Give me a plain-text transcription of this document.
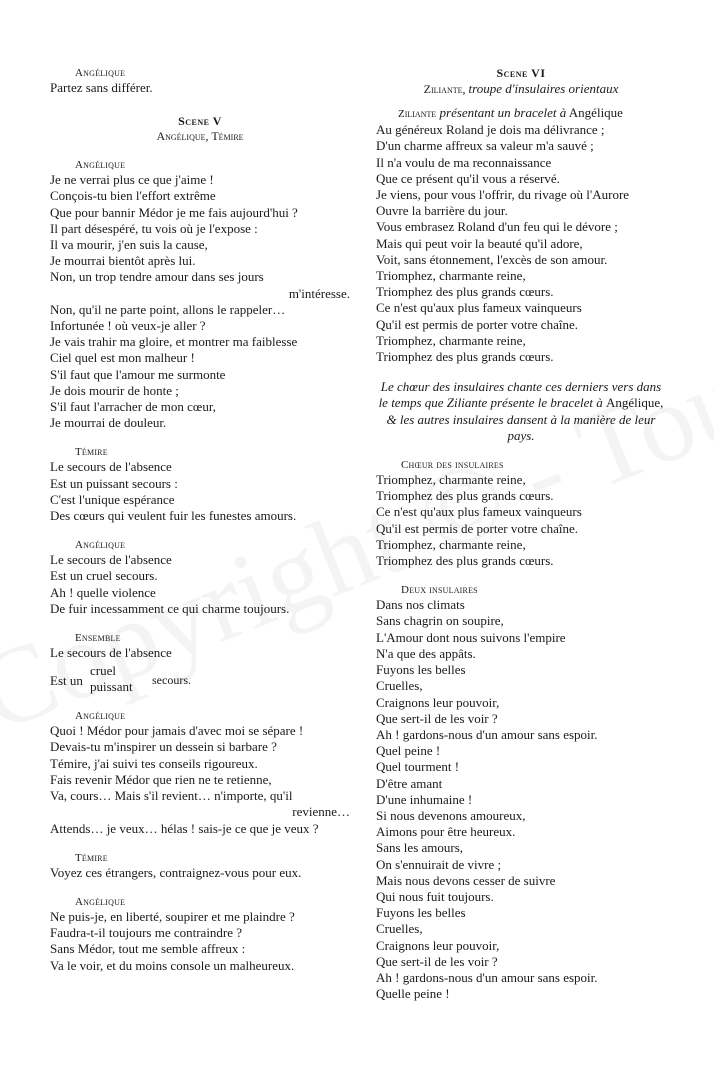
Angélique
Partez sans différer.
Scene V
Angélique, Témire
Angélique
Je ne verrai plus ce que j'aime !
Conçois-tu bien l'effort extrême
Que pour bannir Médor je me fais aujourd'hui ?
Il part désespéré, tu vois où je l'expose :
Il va mourir, j'en suis la cause,
Je mourrai bientôt après lui.
Non, un trop tendre amour dans ses jours
m'intéresse.
Non, qu'il ne parte point, allons le rappeler…
Infortunée ! où veux-je aller ?
Je vais trahir ma gloire, et montrer ma faiblesse
Ciel quel est mon malheur !
S'il faut que l'amour me surmonte
Je dois mourir de honte ;
S'il faut l'arracher de mon cœur,
Je mourrai de douleur.
Témire
Le secours de l'absence
Est un puissant secours :
C'est l'unique espérance
Des cœurs qui veulent fuir les funestes amours.
Angélique
Le secours de l'absence
Est un cruel secours.
Ah ! quelle violence
De fuir incessamment ce qui charme toujours.
Ensemble
Le secours de l'absence
Est un
cruel
puissant secours.
Angélique
Quoi ! Médor pour jamais d'avec moi se sépare !
Devais-tu m'inspirer un dessein si barbare ?
Témire, j'ai suivi tes conseils rigoureux.
Fais revenir Médor que rien ne te retienne,
Va, cours… Mais s'il revient… n'importe, qu'il
revienne…
Attends… je veux… hélas ! sais-je ce que je veux ?
Témire
Voyez ces étrangers, contraignez-vous pour eux.
Angélique
Ne puis-je, en liberté, soupirer et me plaindre ?
Faudra-t-il toujours me contraindre ?
Sans Médor, tout me semble affreux :
Va le voir, et du moins console un malheureux.
Scene VI
Ziliante, troupe d'insulaires orientaux
Ziliante présentant un bracelet à Angélique
Au généreux Roland je dois ma délivrance ;
D'un charme affreux sa valeur m'a sauvé ;
Il n'a voulu de ma reconnaissance
Que ce présent qu'il vous a réservé.
Je viens, pour vous l'offrir, du rivage où l'Aurore
Ouvre la barrière du jour.
Vous embrasez Roland d'un feu qui le dévore ;
Mais qui peut voir la beauté qu'il adore,
Voit, sans étonnement, l'excès de son amour.
Triomphez, charmante reine,
Triomphez des plus grands cœurs.
Ce n'est qu'aux plus fameux vainqueurs
Qu'il est permis de porter votre chaîne.
Triomphez, charmante reine,
Triomphez des plus grands cœurs.
Le chœur des insulaires chante ces derniers vers dans le temps que Ziliante présente le bracelet à Angélique, & les autres insulaires dansent à la manière de leur pays.
Chœur des insulaires
Triomphez, charmante reine,
Triomphez des plus grands cœurs.
Ce n'est qu'aux plus fameux vainqueurs
Qu'il est permis de porter votre chaîne.
Triomphez, charmante reine,
Triomphez des plus grands cœurs.
Deux insulaires
Dans nos climats
Sans chagrin on soupire,
L'Amour dont nous suivons l'empire
N'a que des appâts.
Fuyons les belles
Cruelles,
Craignons leur pouvoir,
Que sert-il de les voir ?
Ah ! gardons-nous d'un amour sans espoir.
Quel peine !
Quel tourment !
D'être amant
D'une inhumaine !
Si nous devenons amoureux,
Aimons pour être heureux.
Sans les amours,
On s'ennuirait de vivre ;
Mais nous devons cesser de suivre
Qui nous fuit toujours.
Fuyons les belles
Cruelles,
Craignons leur pouvoir,
Que sert-il de les voir ?
Ah ! gardons-nous d'un amour sans espoir.
Quelle peine !
